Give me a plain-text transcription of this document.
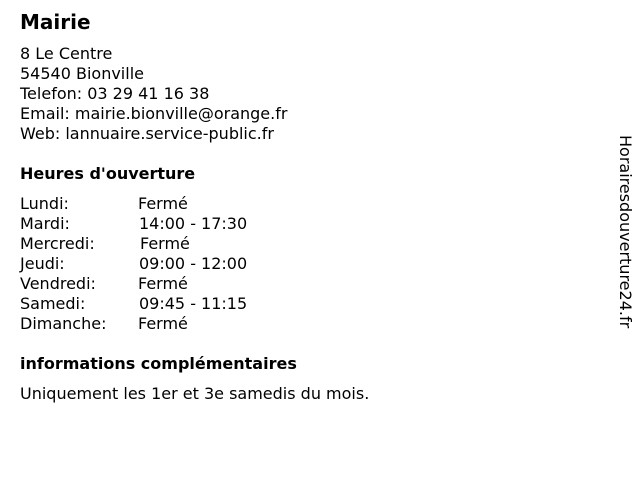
Mairie
8 Le Centre
54540 Bionville
Telefon: 03 29 41 16 38
Email: mairie.bionville@orange.fr
Web: lannuaire.service-public.fr
Heures d'ouverture
Lundi:	Fermé
Mardi:	14:00 - 17:30
Mercredi:	Fermé
Jeudi:	09:00 - 12:00
Vendredi:	Fermé
Samedi:	09:45 - 11:15
Dimanche: Fermé
informations complémentaires

Uniquement les 1er et 3e samedis du mois.

Horairesdouverture24.fr
